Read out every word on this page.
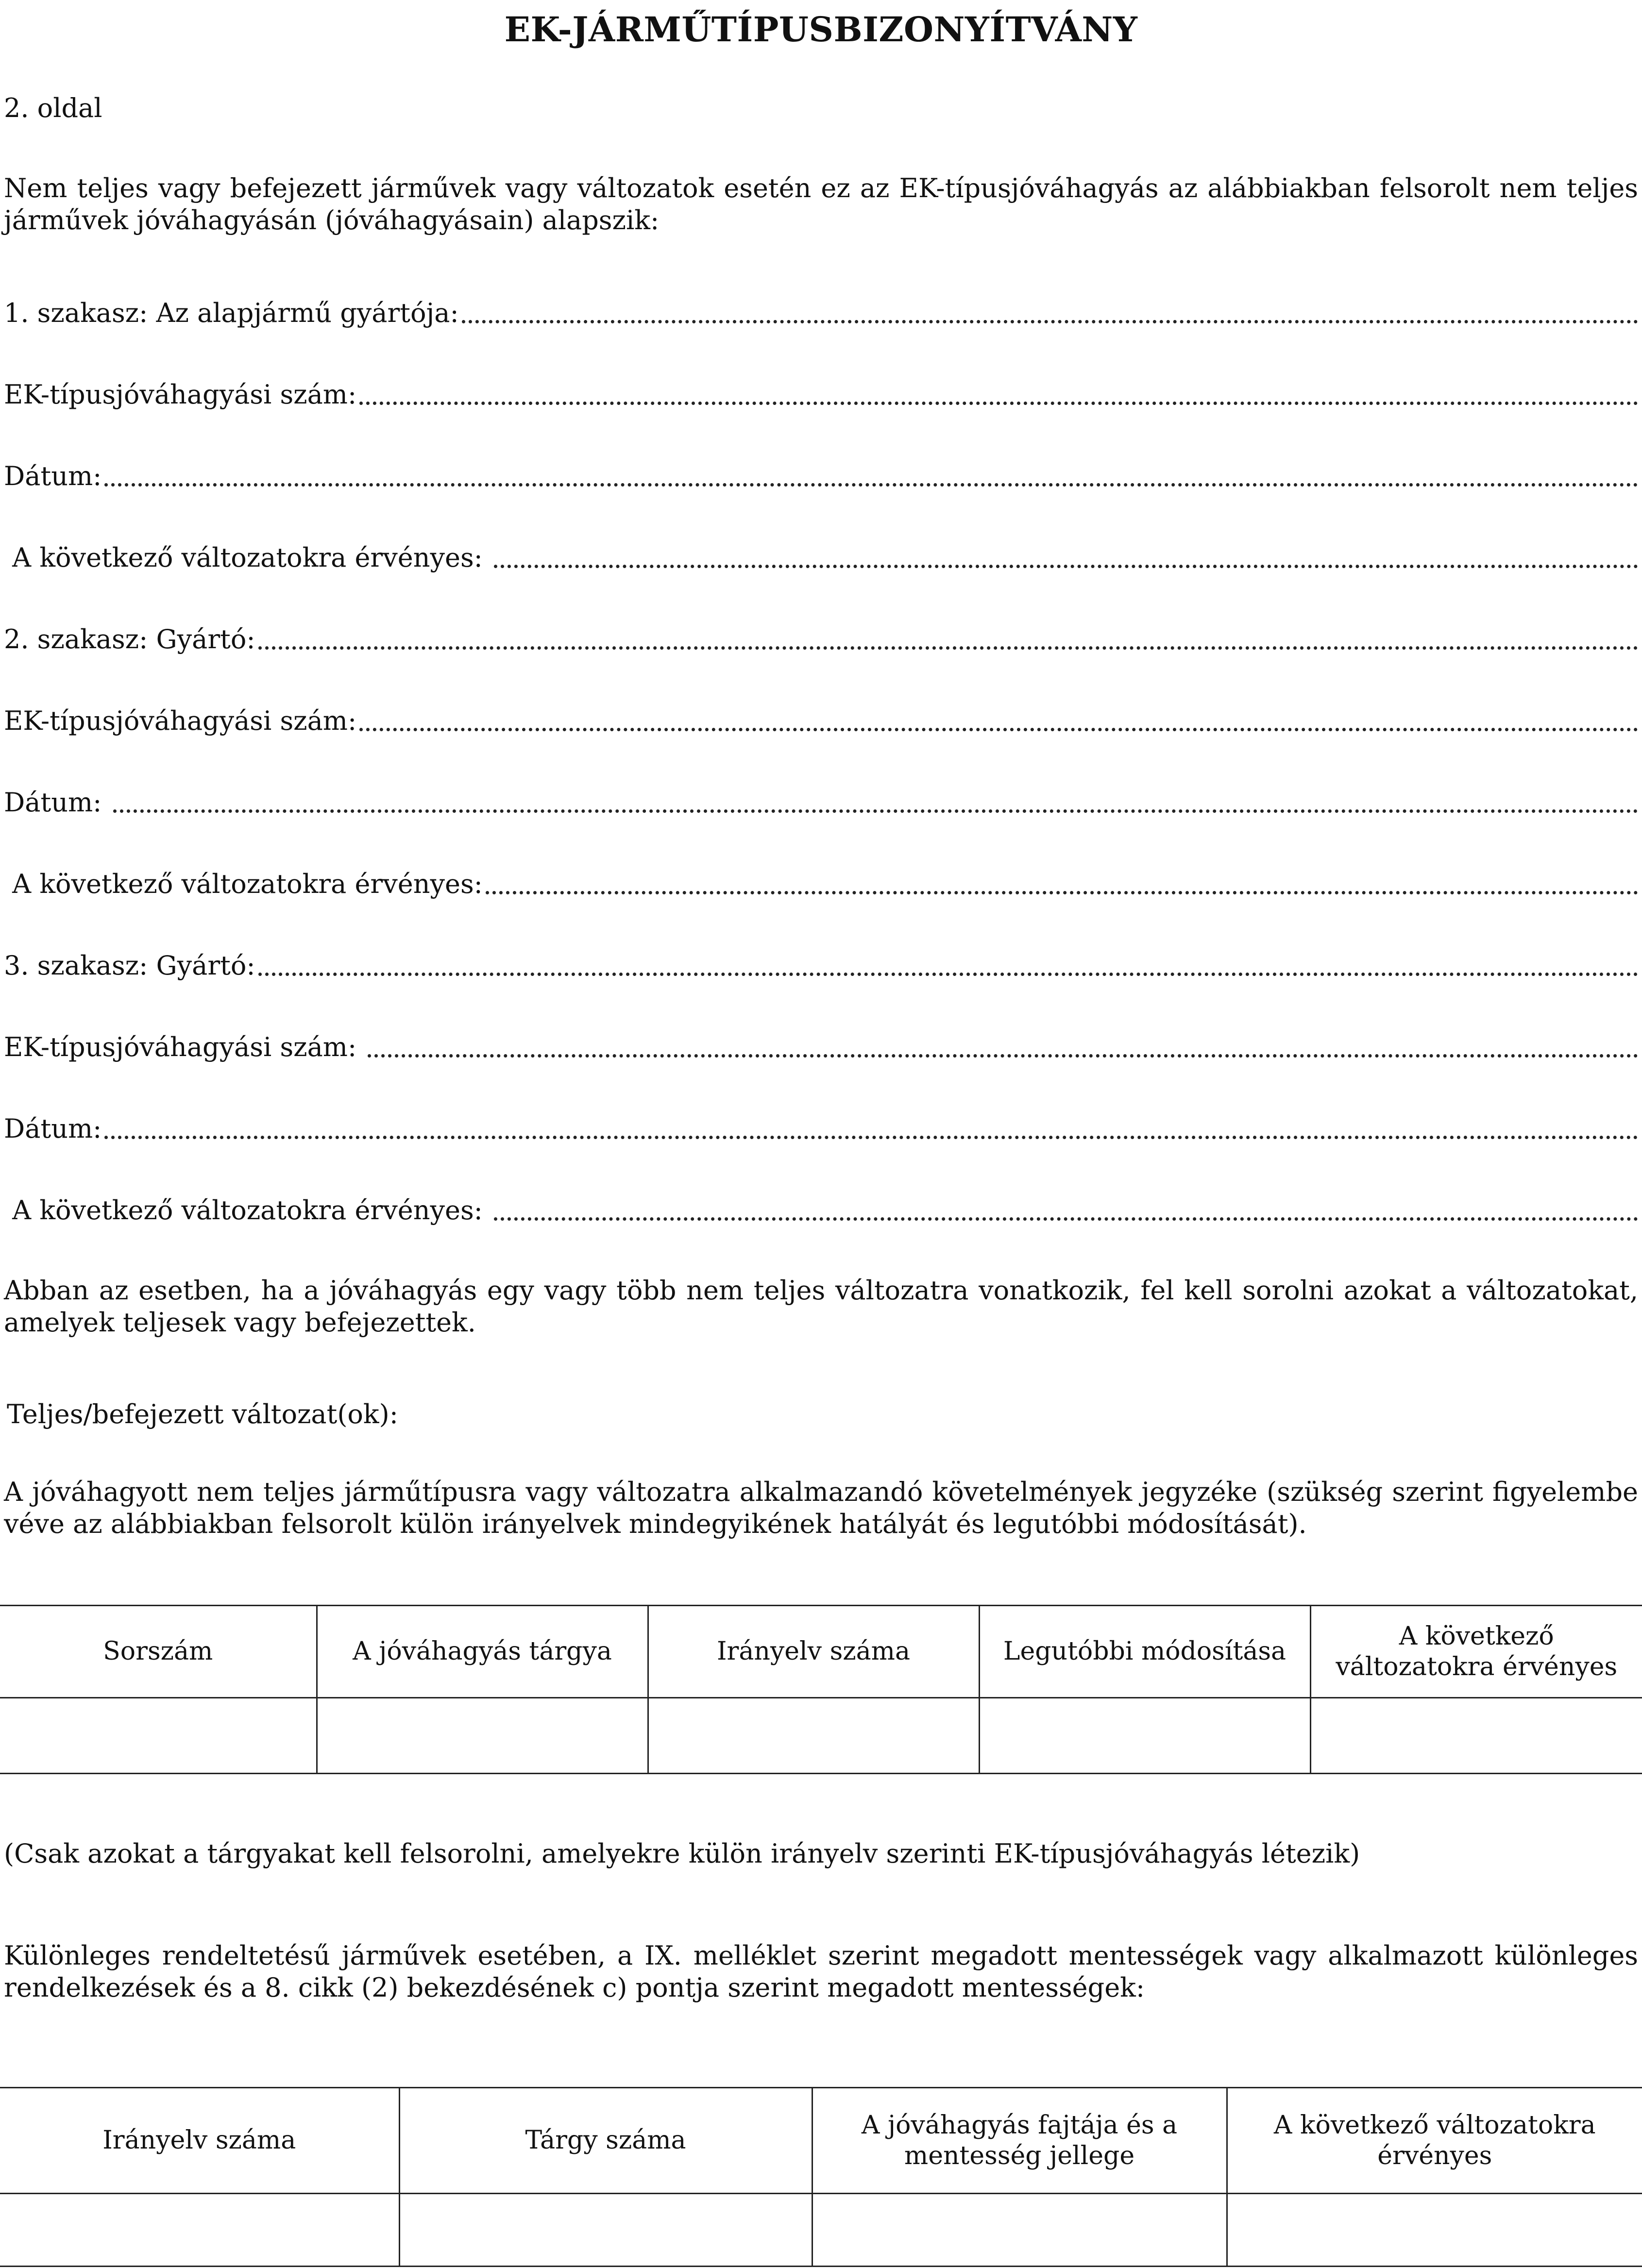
EK-JÁRMŰTÍPUSBIZONYÍTVÁNY
2. oldal
Nem teljes vagy befejezett járművek vagy változatok esetén ez az EK-típusjóváhagyás az alábbiakban felsorolt nem teljes járművek jóváhagyásán (jóváhagyásain) alapszik:
1. szakasz: Az alapjármű gyártója:
EK-típusjóváhagyási szám:
Dátum:
A következő változatokra érvényes:
2. szakasz: Gyártó:
EK-típusjóváhagyási szám:
Dátum:
A következő változatokra érvényes:
3. szakasz: Gyártó:
EK-típusjóváhagyási szám:
Dátum:
A következő változatokra érvényes:
Abban az esetben, ha a jóváhagyás egy vagy több nem teljes változatra vonatkozik, fel kell sorolni azokat a változatokat, amelyek teljesek vagy befejezettek.
Teljes/befejezett változat(ok):
A jóváhagyott nem teljes járműtípusra vagy változatra alkalmazandó követelmények jegyzéke (szükség szerint figyelembe véve az alábbiakban felsorolt külön irányelvek mindegyikének hatályát és legutóbbi módosítását).
Sorszám	A jóváhagyás tárgya	Irányelv száma	Legutóbbi módosítása	A következő változatokra érvényes

(Csak azokat a tárgyakat kell felsorolni, amelyekre külön irányelv szerinti EK-típusjóváhagyás létezik)
Különleges rendeltetésű járművek esetében, a IX. melléklet szerint megadott mentességek vagy alkalmazott különleges rendelkezések és a 8. cikk (2) bekezdésének c) pontja szerint megadott mentességek:
Irányelv száma	Tárgy száma	A jóváhagyás fajtája és a mentesség jellege	A következő változatokra érvényes
